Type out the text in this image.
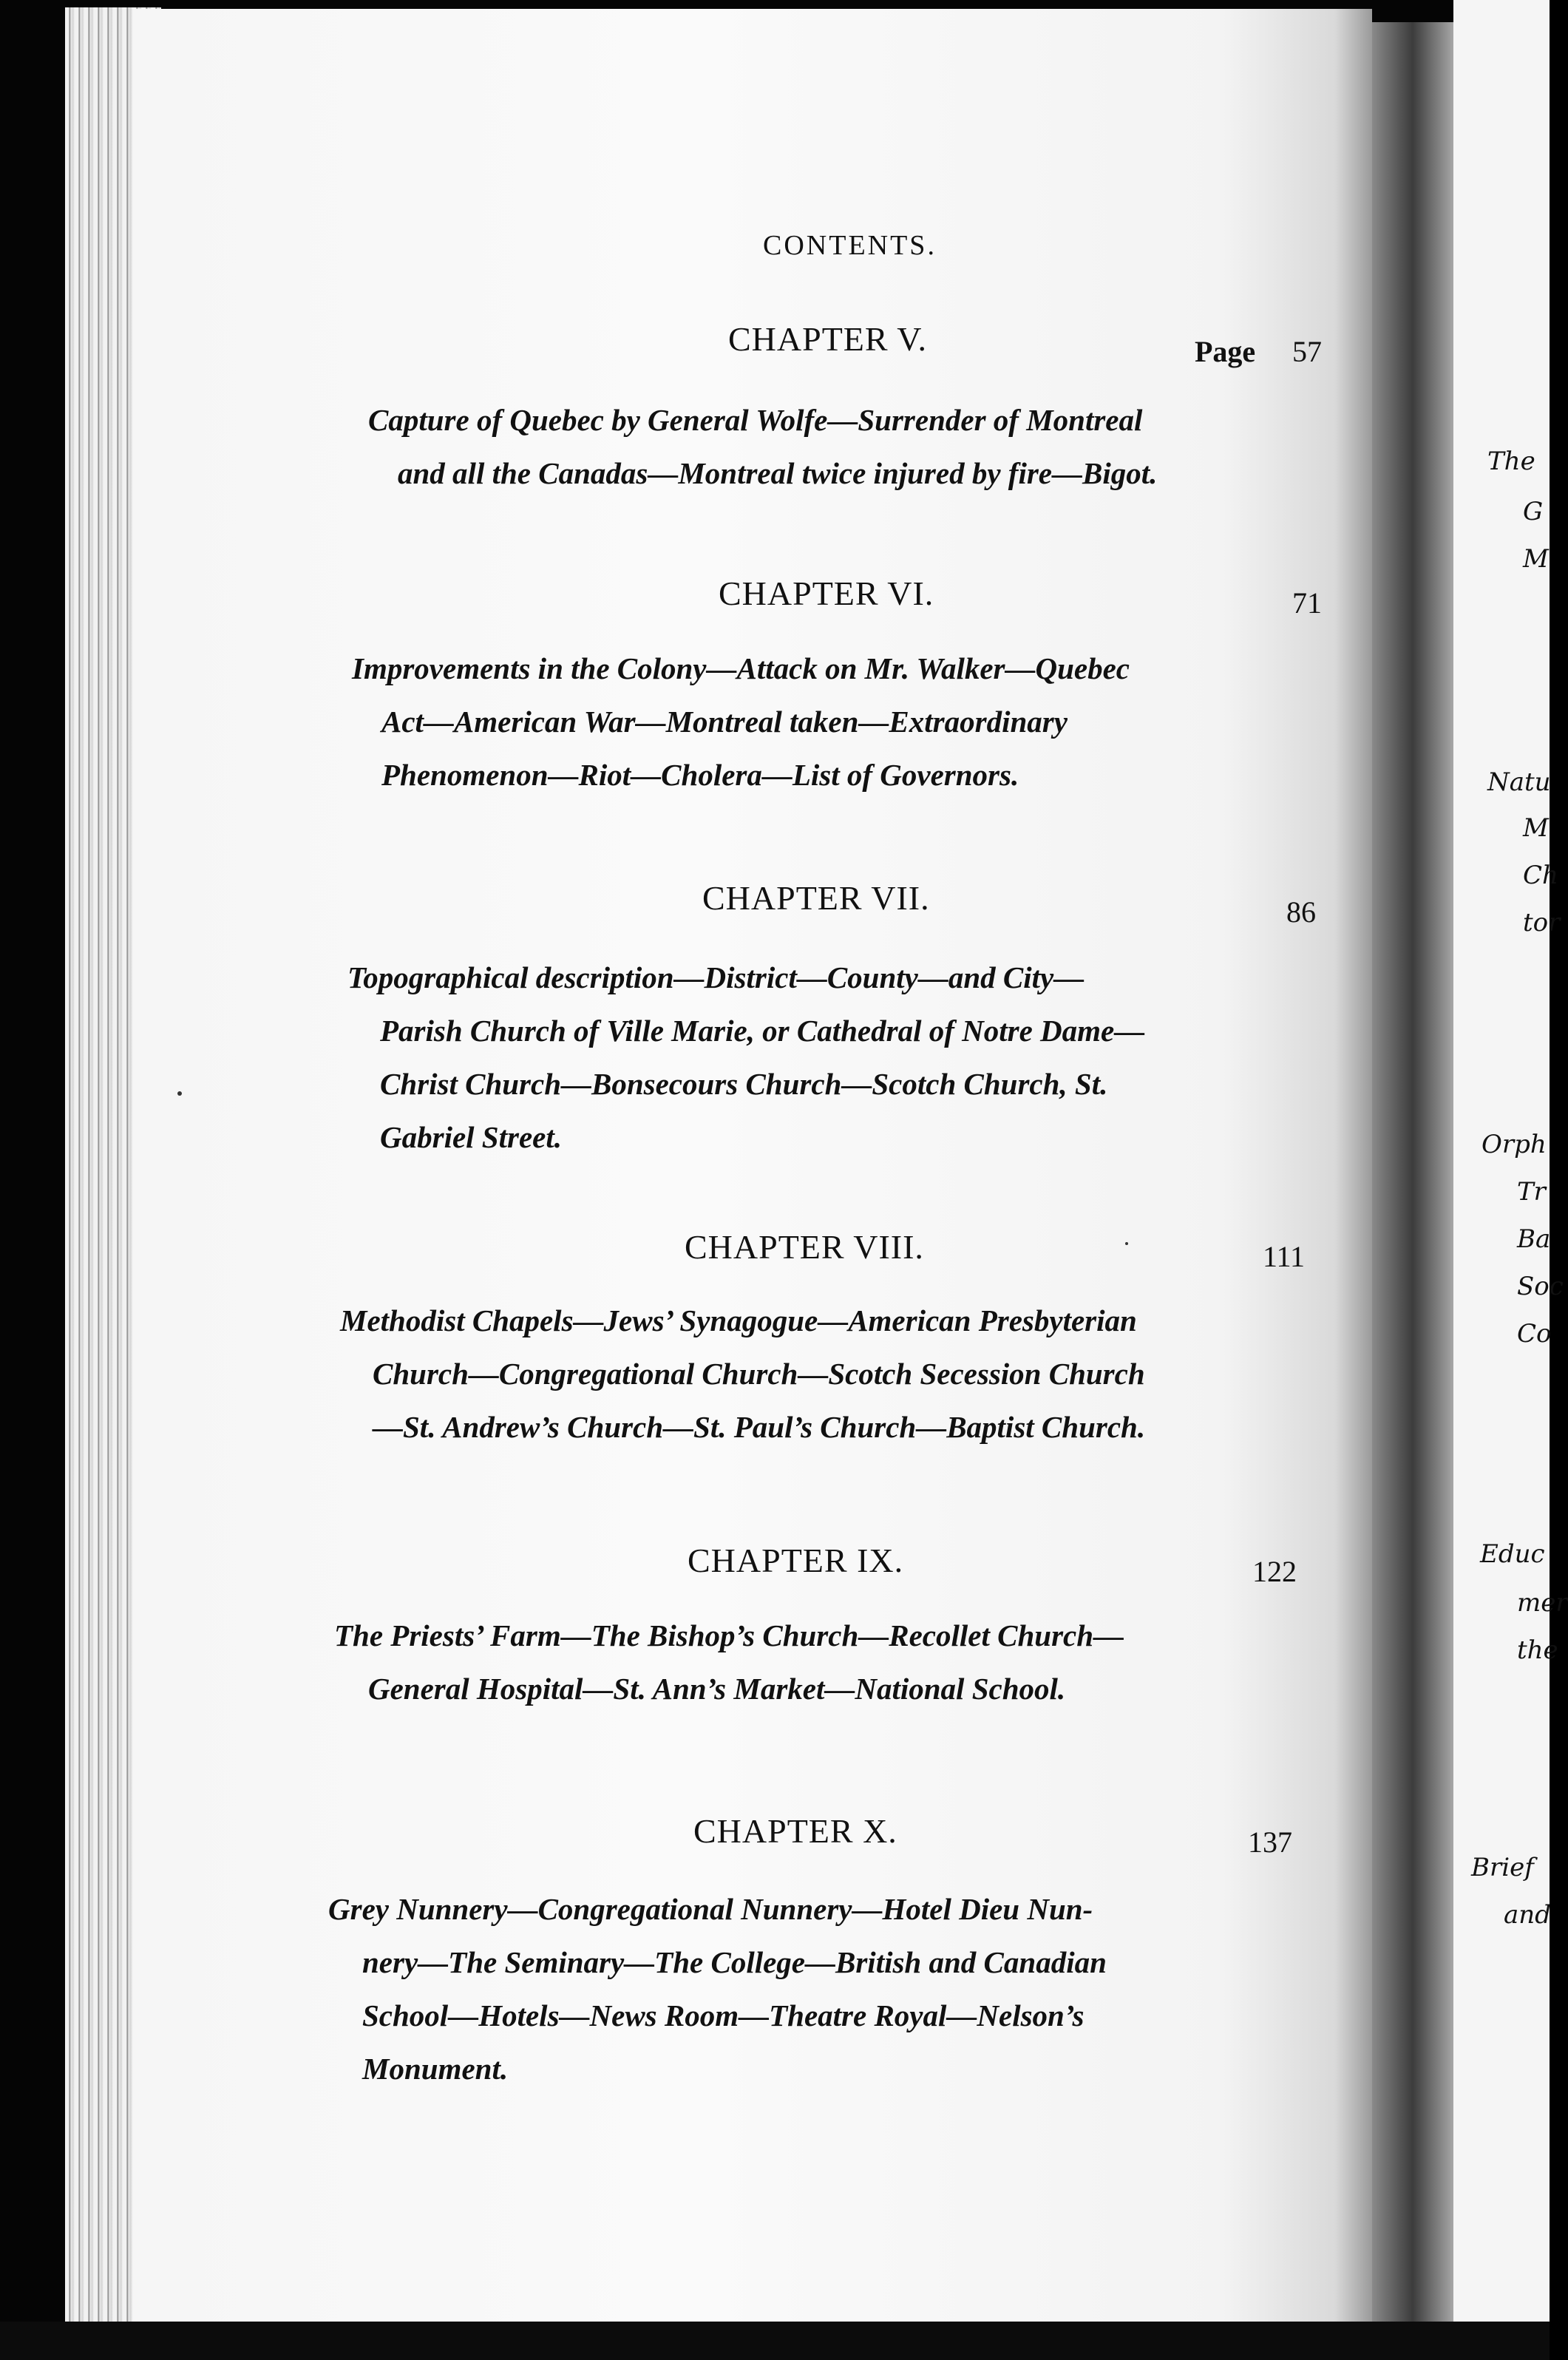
CONTENTS.
CHAPTER V.	Page 57

Capture of Quebec by General Wolfe—Surrender of Montreal

and all the Canadas—Montreal twice injured by fire—Bigot.

CHAPTER VI.	71

Improvements in the Colony—Attack on Mr. Walker—Quebec

Act—American War—Montreal taken—Extraordinary

Phenomenon—Riot—Cholera—List of Governors.

CHAPTER VII.	86

Topographical description—District—County—and City—

Parish Church of Ville Marie, or Cathedral of Notre Dame—

Christ Church—Bonsecours Church—Scotch Church, St.

Gabriel Street.

CHAPTER VIII.	111

Methodist Chapels—Jews’ Synagogue—American Presbyterian

Church—Congregational Church—Scotch Secession Church

—St. Andrew’s Church—St. Paul’s Church—Baptist Church.

CHAPTER IX.	122

The Priests’ Farm—The Bishop’s Church—Recollet Church—

General Hospital—St. Ann’s Market—National School.

CHAPTER X.	137

Grey Nunnery—Congregational Nunnery—Hotel Dieu Nun-

nery—The Seminary—The College—British and Canadian

School—Hotels—News Room—Theatre Royal—Nelson’s

Monument.

The
G
M
Natu
M
Ch
tor
Orph
Tr
Ba
Soc
Co
Educ
mer
the
Brief
and
